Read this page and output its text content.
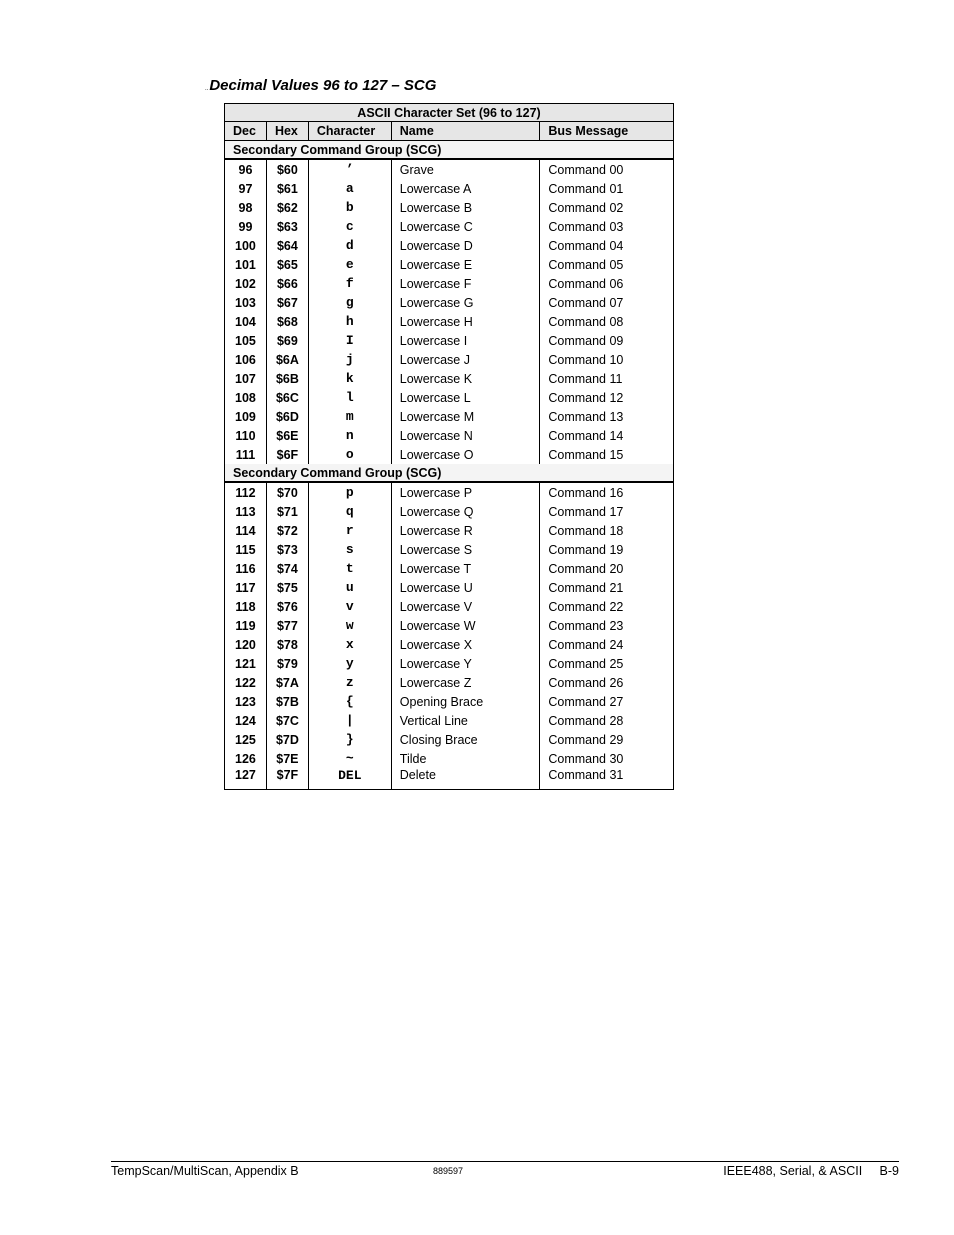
..Decimal Values 96 to 127 – SCG
ASCII Character Set (96 to 127)				
Dec	Hex	Character	Name	Bus Message
Secondary Command Group (SCG)				
96	$60	’	Grave	Command 00
97	$61	a	Lowercase A	Command 01
98	$62	b	Lowercase B	Command 02
99	$63	c	Lowercase C	Command 03
100	$64	d	Lowercase D	Command 04
101	$65	e	Lowercase E	Command 05
102	$66	f	Lowercase F	Command 06
103	$67	g	Lowercase G	Command 07
104	$68	h	Lowercase H	Command 08
105	$69	I	Lowercase I	Command 09
106	$6A	j	Lowercase J	Command 10
107	$6B	k	Lowercase K	Command 11
108	$6C	l	Lowercase L	Command 12
109	$6D	m	Lowercase M	Command 13
110	$6E	n	Lowercase N	Command 14
111	$6F	o	Lowercase O	Command 15
Secondary Command Group (SCG)				
112	$70	p	Lowercase P	Command 16
113	$71	q	Lowercase Q	Command 17
114	$72	r	Lowercase R	Command 18
115	$73	s	Lowercase S	Command 19
116	$74	t	Lowercase T	Command 20
117	$75	u	Lowercase U	Command 21
118	$76	v	Lowercase V	Command 22
119	$77	w	Lowercase W	Command 23
120	$78	x	Lowercase X	Command 24
121	$79	y	Lowercase Y	Command 25
122	$7A	z	Lowercase Z	Command 26
123	$7B	{	Opening Brace	Command 27
124	$7C	|	Vertical Line	Command 28
125	$7D	}	Closing Brace	Command 29
126	$7E	~	Tilde	Command 30
127	$7F	DEL	Delete	Command 31
TempScan/MultiScan, Appendix B	889597	IEEE488, Serial, & ASCII     B-9
